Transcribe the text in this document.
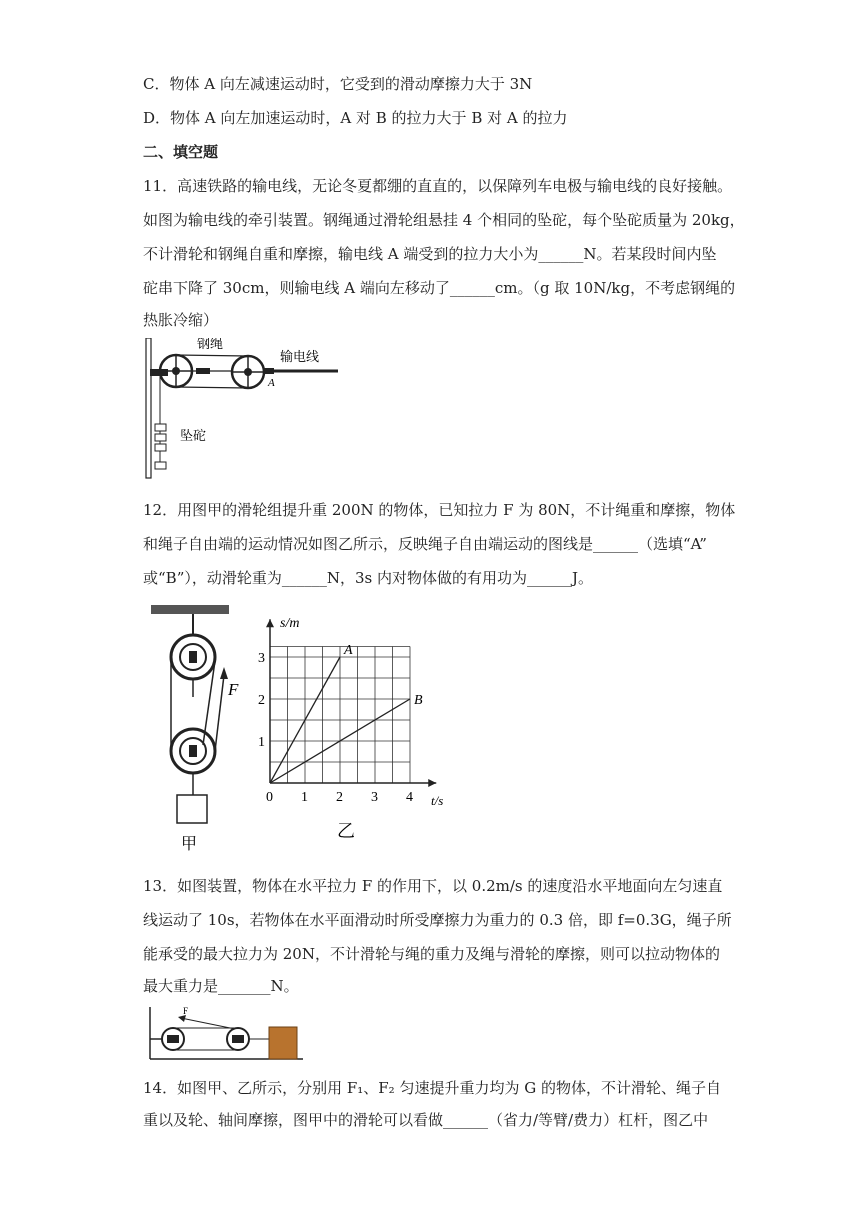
C．物体 A 向左减速运动时，它受到的滑动摩擦力大于 3N
D．物体 A 向左加速运动时，A 对 B 的拉力大于 B 对 A 的拉力
二、填空题
11．高速铁路的输电线，无论冬夏都绷的直直的，以保障列车电极与输电线的良好接触。
如图为输电线的牵引装置。钢绳通过滑轮组悬挂 4 个相同的坠砣，每个坠砣质量为 20kg，
不计滑轮和钢绳自重和摩擦，输电线 A 端受到的拉力大小为______N。若某段时间内坠
砣串下降了 30cm，则输电线 A 端向左移动了______cm。（g 取 10N/kg，不考虑钢绳的
热胀冷缩）
钢绳
输电线
A
坠砣
12．用图甲的滑轮组提升重 200N 的物体，已知拉力 F 为 80N，不计绳重和摩擦，物体
和绳子自由端的运动情况如图乙所示，反映绳子自由端运动的图线是______（选填“A”
或“B”），动滑轮重为______N，3s 内对物体做的有用功为______J。
F
甲
0 1 2 3 4
1
2
3
A
B
s/m
t/s
乙
13．如图装置，物体在水平拉力 F 的作用下，以 0.2m/s 的速度沿水平地面向左匀速直
线运动了 10s，若物体在水平面滑动时所受摩擦力为重力的 0.3 倍，即 f=0.3G，绳子所
能承受的最大拉力为 20N，不计滑轮与绳的重力及绳与滑轮的摩擦，则可以拉动物体的
最大重力是_______N。
F
14．如图甲、乙所示，分别用 F₁、F₂ 匀速提升重力均为 G 的物体，不计滑轮、绳子自
重以及轮、轴间摩擦，图甲中的滑轮可以看做______（省力/等臂/费力）杠杆，图乙中
